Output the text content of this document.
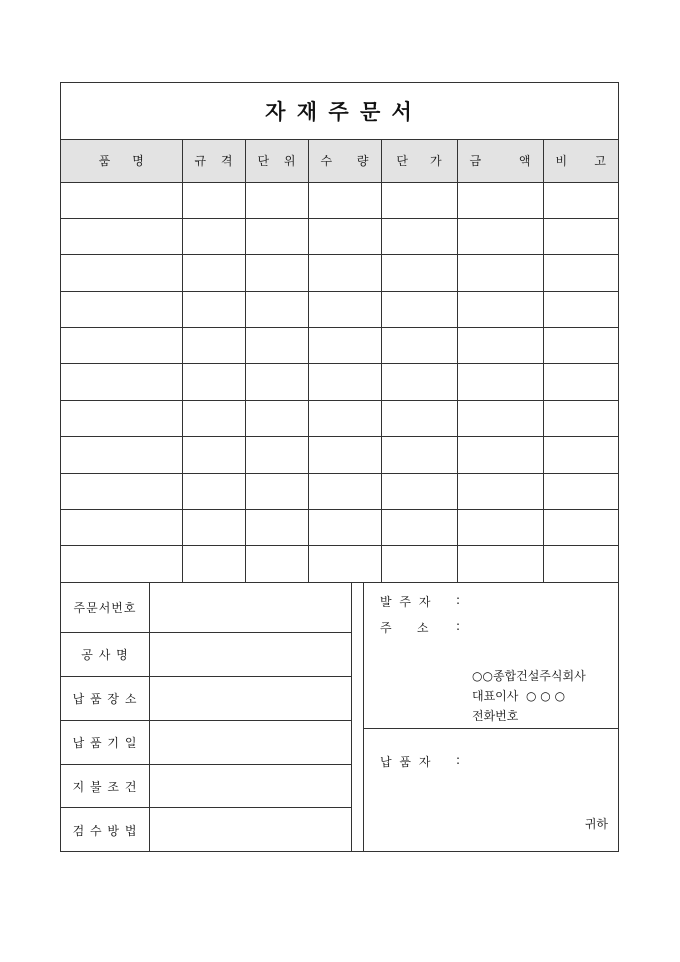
자 재 주 문 서
품 명	규 격	단 위	수 량	단 가	금 액	비 고

주문서번호
공 사 명
납 품 장 소
납 품 기 일
지 불 조 건
검 수 방 법
발 주 자	:
주    소	:
○○종합건설주식회사
대표이사  ○ ○ ○
전화번호
납 품 자	:
귀하
